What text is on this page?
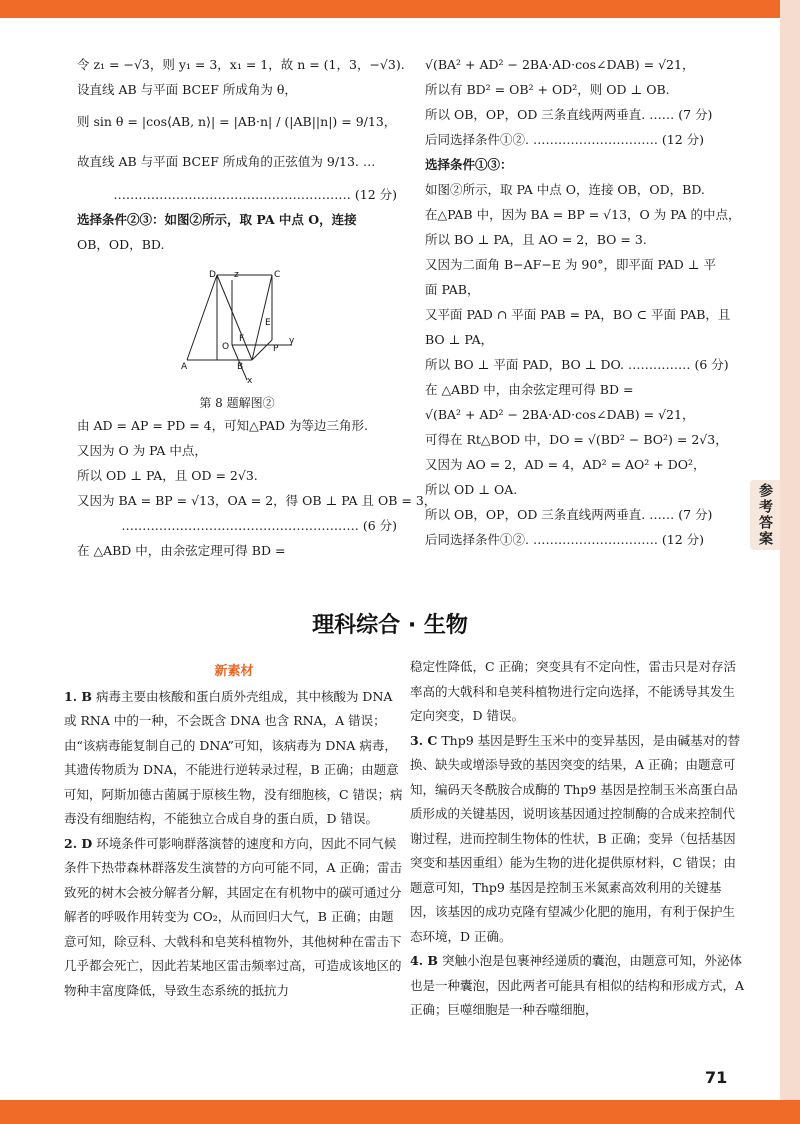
参考答案

令 z₁ = −√3，则 y₁ = 3，x₁ = 1，故 n = (1，3，−√3).

设直线 AB 与平面 BCEF 所成角为 θ，

则 sin θ = |cos⟨AB, n⟩| = |AB·n| / (|AB||n|) = 9/13，

故直线 AB 与平面 BCEF 所成角的正弦值为 9/13. …

………………………………………………… (12 分)

选择条件②③：如图②所示，取 PA 中点 O，连接

OB，OD，BD.

D	C
z
E
O
F	y
A	B
P
x

第 8 题解图②

由 AD = AP = PD = 4，可知△PAD 为等边三角形.

又因为 O 为 PA 中点，

所以 OD ⊥ PA，且 OD = 2√3.

又因为 BA = BP = √13，OA = 2，得 OB ⊥ PA 且 OB = 3，

………………………………………………… (6 分)

在 △ABD 中，由余弦定理可得 BD =

√(BA² + AD² − 2BA·AD·cos∠DAB) = √21，

所以有 BD² = OB² + OD²，则 OD ⊥ OB.

所以 OB，OP，OD 三条直线两两垂直. …… (7 分)

后同选择条件①②. ………………………… (12 分)

选择条件①③：

如图②所示，取 PA 中点 O，连接 OB，OD，BD.

在△PAB 中，因为 BA = BP = √13，O 为 PA 的中点，

所以 BO ⊥ PA，且 AO = 2，BO = 3.

又因为二面角 B−AF−E 为 90°，即平面 PAD ⊥ 平

面 PAB，

又平面 PAD ∩ 平面 PAB = PA，BO ⊂ 平面 PAB，且

BO ⊥ PA，

所以 BO ⊥ 平面 PAD，BO ⊥ DO. …………… (6 分)

在 △ABD 中，由余弦定理可得 BD =

√(BA² + AD² − 2BA·AD·cos∠DAB) = √21，

可得在 Rt△BOD 中，DO = √(BD² − BO²) = 2√3，

又因为 AO = 2，AD = 4，AD² = AO² + DO²，

所以 OD ⊥ OA.

所以 OB，OP，OD 三条直线两两垂直. …… (7 分)

后同选择条件①②. ………………………… (12 分)

理科综合 · 生物

新素材

1. B 病毒主要由核酸和蛋白质外壳组成，其中核酸为 DNA 或 RNA 中的一种，不会既含 DNA 也含 RNA，A 错误；由“该病毒能复制自己的 DNA”可知，该病毒为 DNA 病毒，其遗传物质为 DNA，不能进行逆转录过程，B 正确；由题意可知，阿斯加德古菌属于原核生物，没有细胞核，C 错误；病毒没有细胞结构，不能独立合成自身的蛋白质，D 错误。

2. D 环境条件可影响群落演替的速度和方向，因此不同气候条件下热带森林群落发生演替的方向可能不同，A 正确；雷击致死的树木会被分解者分解，其固定在有机物中的碳可通过分解者的呼吸作用转变为 CO₂，从而回归大气，B 正确；由题意可知，除豆科、大戟科和皂荚科植物外，其他树种在雷击下几乎都会死亡，因此若某地区雷击频率过高，可造成该地区的物种丰富度降低，导致生态系统的抵抗力

稳定性降低，C 正确；突变具有不定向性，雷击只是对存活率高的大戟科和皂荚科植物进行定向选择，不能诱导其发生定向突变，D 错误。

3. C Thp9 基因是野生玉米中的变异基因，是由碱基对的替换、缺失或增添导致的基因突变的结果，A 正确；由题意可知，编码天冬酰胺合成酶的 Thp9 基因是控制玉米高蛋白品质形成的关键基因，说明该基因通过控制酶的合成来控制代谢过程，进而控制生物体的性状，B 正确；变异（包括基因突变和基因重组）能为生物的进化提供原材料，C 错误；由题意可知，Thp9 基因是控制玉米氮素高效利用的关键基因，该基因的成功克隆有望减少化肥的施用，有利于保护生态环境，D 正确。

4. B 突触小泡是包裹神经递质的囊泡，由题意可知，外泌体也是一种囊泡，因此两者可能具有相似的结构和形成方式，A 正确；巨噬细胞是一种吞噬细胞，

71
